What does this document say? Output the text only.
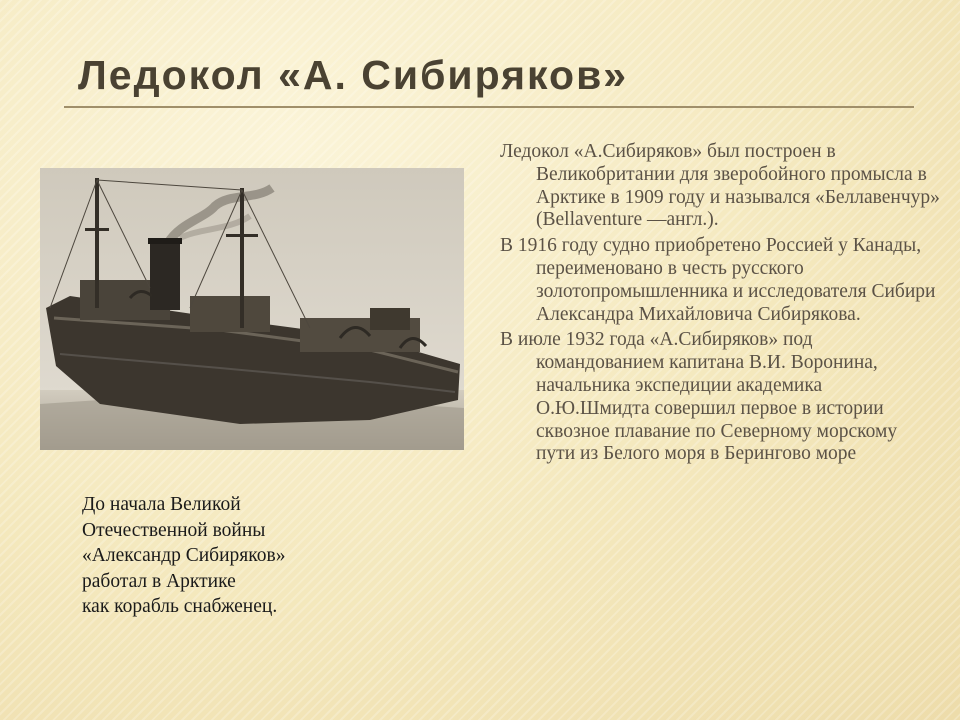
Ледокол «А. Сибиряков»

Ледокол «А.Сибиряков» был построен в Великобритании для зверобойного промысла в Арктике в 1909 году и назывался «Беллавенчур» (Bellaventure —англ.).

В 1916 году судно приобретено Россией у Канады, переименовано в честь русского золотопромышленника и исследователя Сибири Александра Михайловича Сибирякова.

В июле 1932 года «А.Сибиряков» под командованием капитана В.И. Воронина, начальника экспедиции академика О.Ю.Шмидта совершил первое в истории сквозное плавание по Северному морскому пути из Белого моря в Берингово море

До начала Великой
Отечественной войны
«Александр Сибиряков»
работал в Арктике
как корабль снабженец.
